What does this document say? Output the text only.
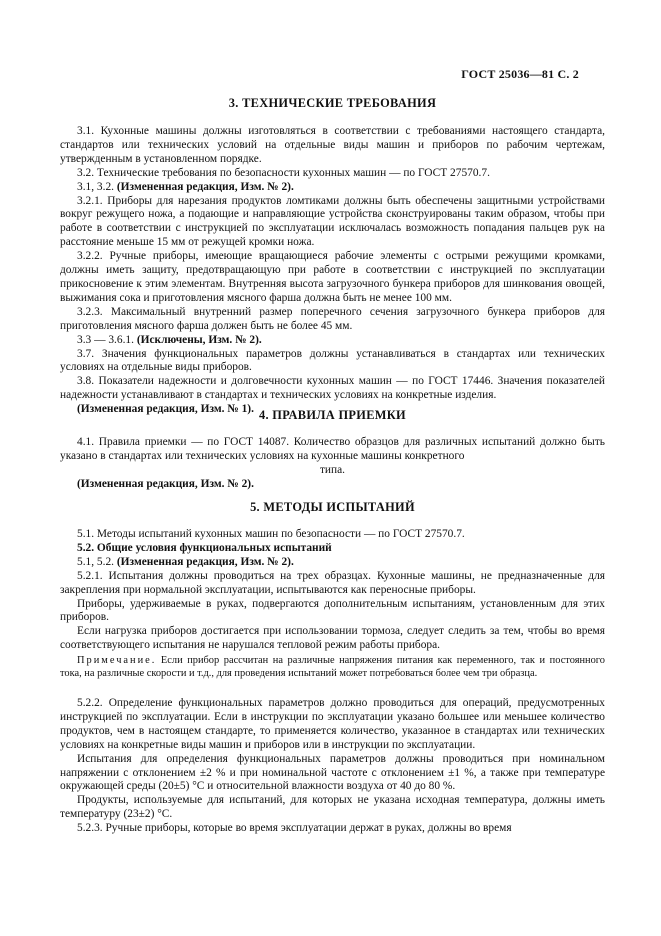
ГОСТ 25036—81 С. 2
3. ТЕХНИЧЕСКИЕ ТРЕБОВАНИЯ

3.1. Кухонные машины должны изготовляться в соответствии с требованиями настоящего стандарта, стандартов или технических условий на отдельные виды машин и приборов по рабочим чертежам, утвержденным в установленном порядке.

3.2. Технические требования по безопасности кухонных машин — по ГОСТ 27570.7.

3.1, 3.2. (Измененная редакция, Изм. № 2).

3.2.1. Приборы для нарезания продуктов ломтиками должны быть обеспечены защитными устройствами вокруг режущего ножа, а подающие и направляющие устройства сконструированы таким образом, чтобы при работе в соответствии с инструкцией по эксплуатации исключалась возможность попадания пальцев рук на расстояние меньше 15 мм от режущей кромки ножа.

3.2.2. Ручные приборы, имеющие вращающиеся рабочие элементы с острыми режущими кромками, должны иметь защиту, предотвращающую при работе в соответствии с инструкцией по эксплуатации прикосновение к этим элементам. Внутренняя высота загрузочного бункера приборов для шинкования овощей, выжимания сока и приготовления мясного фарша должна быть не менее 100 мм.

3.2.3. Максимальный внутренний размер поперечного сечения загрузочного бункера приборов для приготовления мясного фарша должен быть не более 45 мм.

3.3 — 3.6.1. (Исключены, Изм. № 2).

3.7. Значения функциональных параметров должны устанавливаться в стандартах или технических условиях на отдельные виды приборов.

3.8. Показатели надежности и долговечности кухонных машин — по ГОСТ 17446. Значения показателей надежности устанавливают в стандартах и технических условиях на конкретные изделия.

(Измененная редакция, Изм. № 1). 4. ПРАВИЛА ПРИЕМКИ

4.1. Правила приемки — по ГОСТ 14087. Количество образцов для различных испытаний должно быть указано в стандартах или технических условиях на кухонные машины конкретного

типа.

(Измененная редакция, Изм. № 2).

5. МЕТОДЫ ИСПЫТАНИЙ

5.1. Методы испытаний кухонных машин по безопасности — по ГОСТ 27570.7.

5.2. Общие условия функциональных испытаний

5.1, 5.2. (Измененная редакция, Изм. № 2).

5.2.1. Испытания должны проводиться на трех образцах. Кухонные машины, не предназначенные для закрепления при нормальной эксплуатации, испытываются как переносные приборы.

Приборы, удерживаемые в руках, подвергаются дополнительным испытаниям, установленным для этих приборов.

Если нагрузка приборов достигается при использовании тормоза, следует следить за тем, чтобы во время соответствующего испытания не нарушался тепловой режим работы прибора.

Примечание. Если прибор рассчитан на различные напряжения питания как переменного, так и постоянного тока, на различные скорости и т.д., для проведения испытаний может потребоваться более чем три образца.

5.2.2. Определение функциональных параметров должно проводиться для операций, предусмотренных инструкцией по эксплуатации. Если в инструкции по эксплуатации указано большее или меньшее количество продуктов, чем в настоящем стандарте, то применяется количество, указанное в стандартах или технических условиях на конкретные виды машин и приборов или в инструкции по эксплуатации.

Испытания для определения функциональных параметров должны проводиться при номинальном напряжении с отклонением ±2 % и при номинальной частоте с отклонением ±1 %, а также при температуре окружающей среды (20±5) °С и относительной влажности воздуха от 40 до 80 %.

Продукты, используемые для испытаний, для которых не указана исходная температура, должны иметь температуру (23±2) °С.

5.2.3. Ручные приборы, которые во время эксплуатации держат в руках, должны во время
